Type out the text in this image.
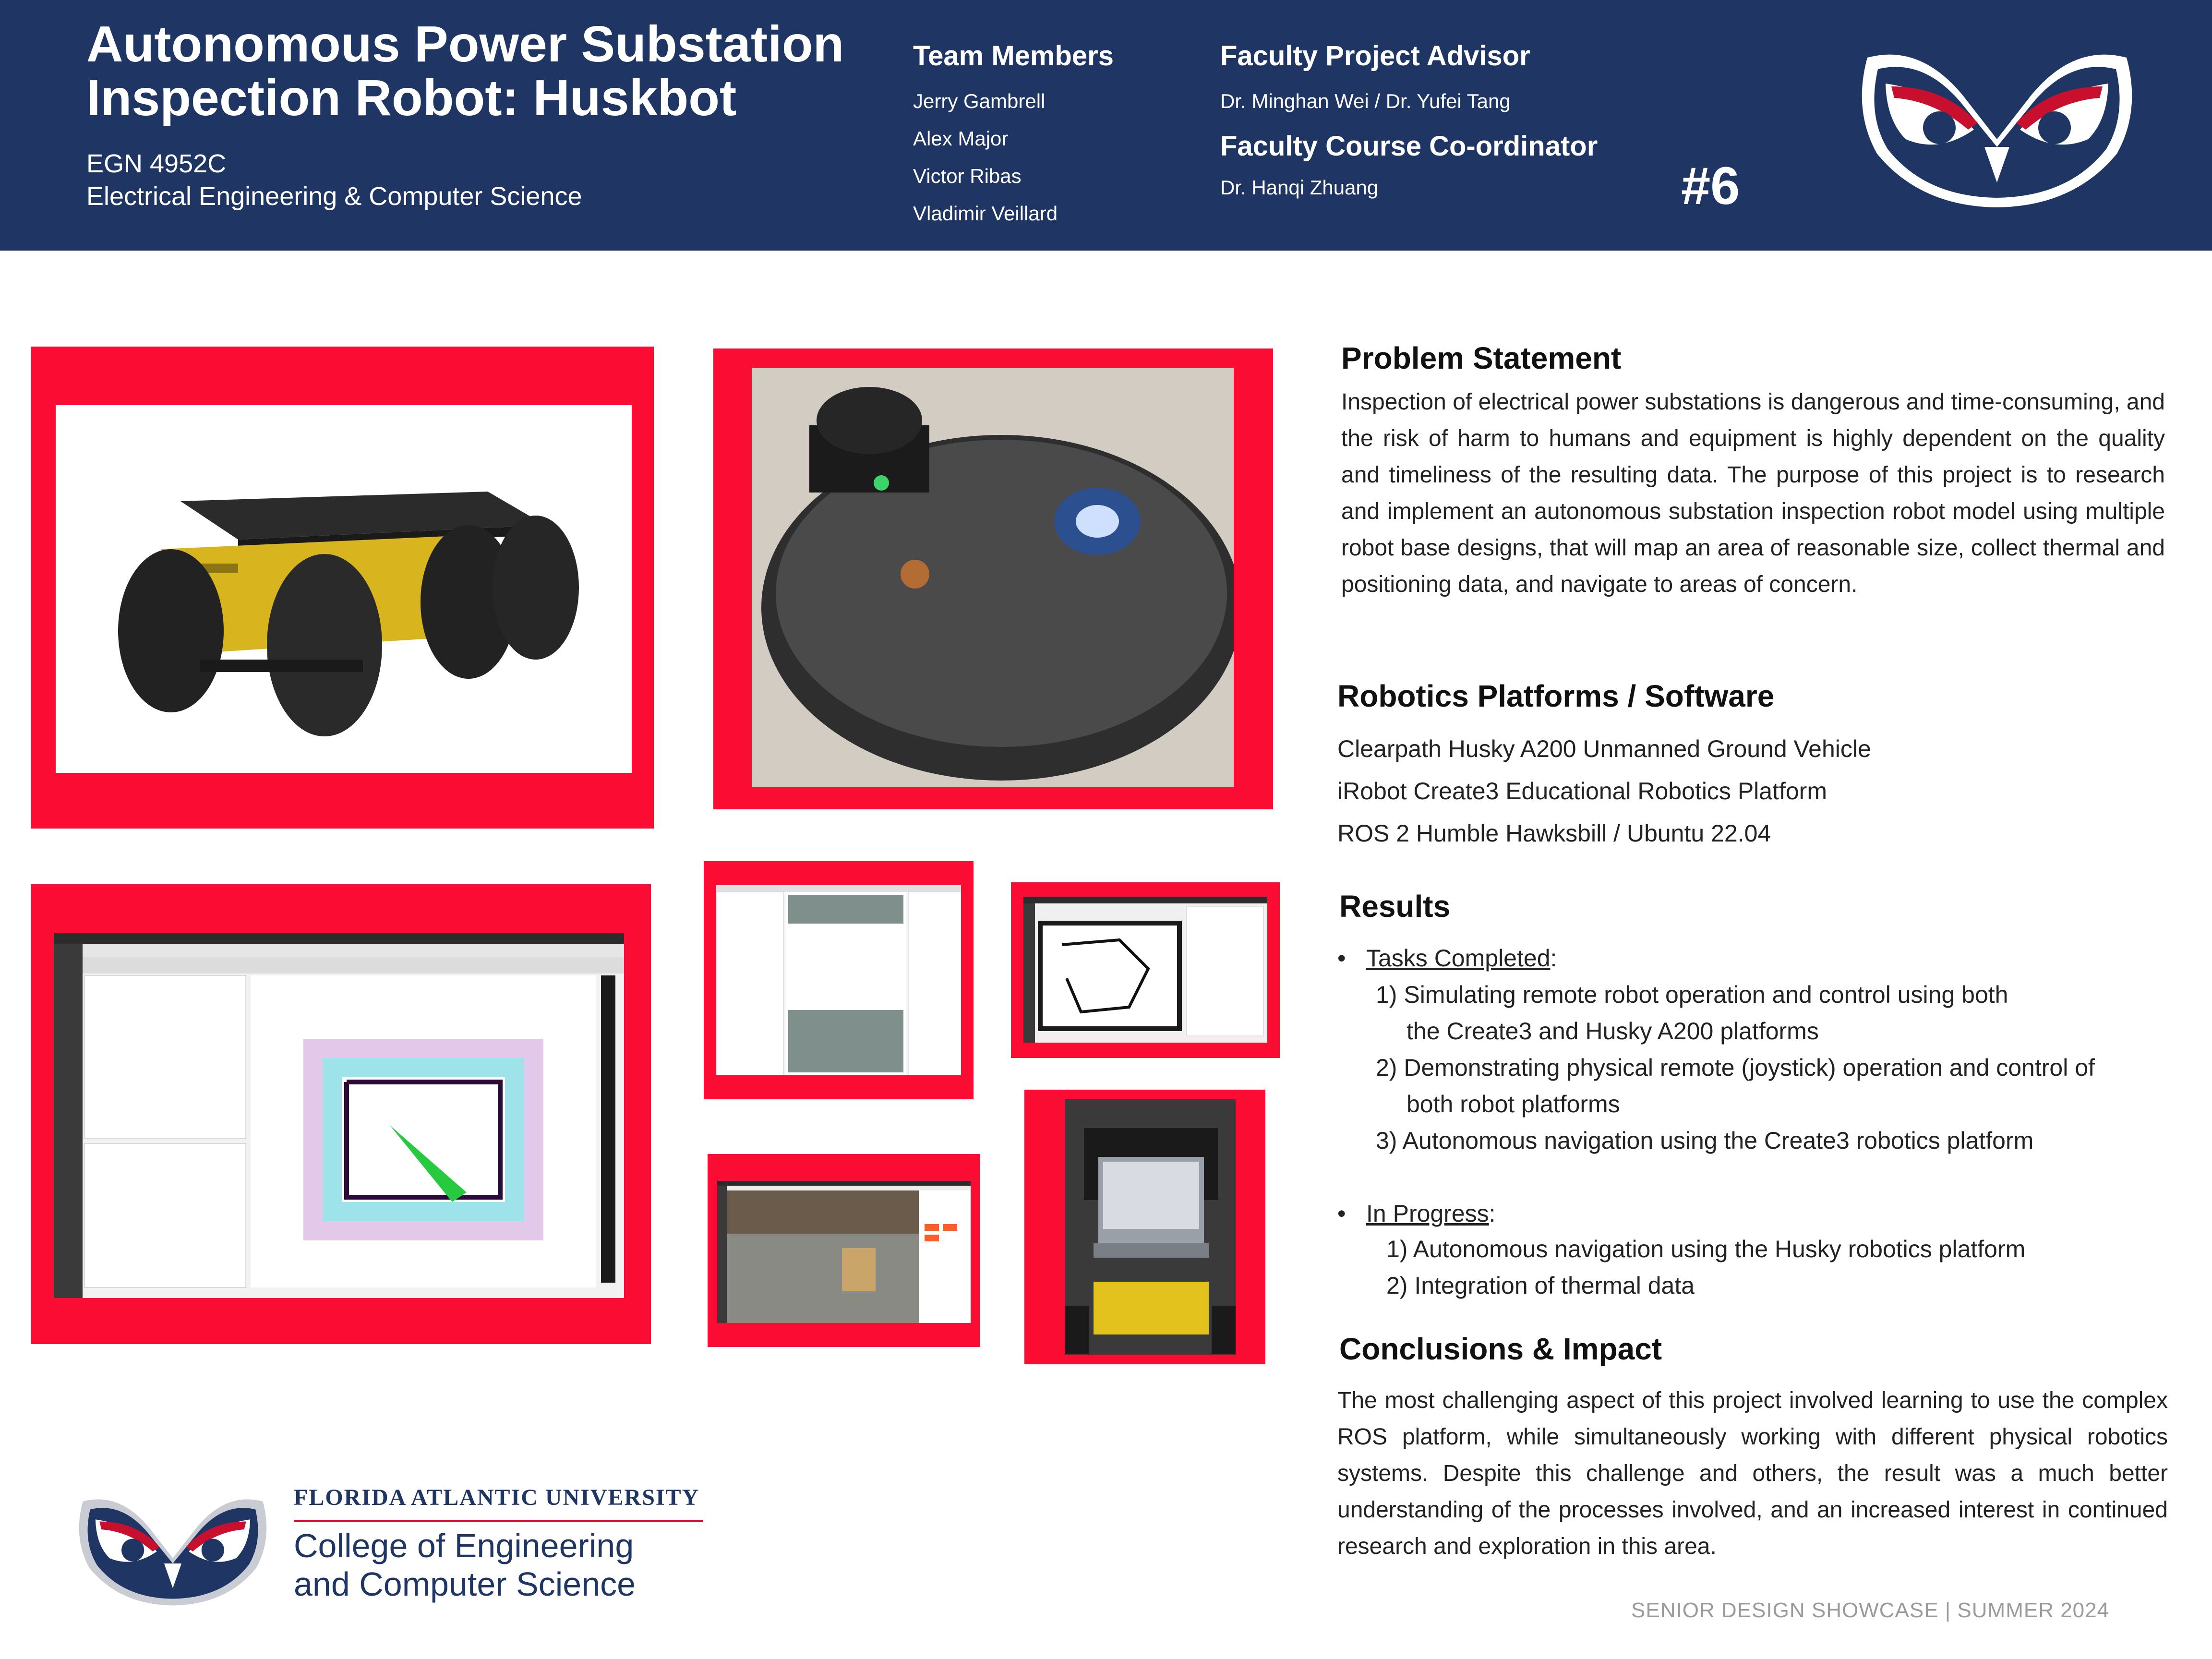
Autonomous Power Substation
Inspection Robot: Huskbot
EGN 4952C
Electrical Engineering & Computer Science
Team Members
Jerry Gambrell
Alex Major
Victor Ribas
Vladimir Veillard
Faculty Project Advisor
Dr. Minghan Wei / Dr. Yufei Tang
Faculty Course Co-ordinator
Dr. Hanqi Zhuang	#6
Problem Statement

Inspection of electrical power substations is dangerous and time-consuming, and the risk of harm to humans and equipment is highly dependent on the quality and timeliness of the resulting data. The purpose of this project is to research and implement an autonomous substation inspection robot model using multiple robot base designs, that will map an area of reasonable size, collect thermal and positioning data, and navigate to areas of concern.

Robotics Platforms / Software
Clearpath Husky A200 Unmanned Ground Vehicle
iRobot Create3 Educational Robotics Platform
ROS 2 Humble Hawksbill / Ubuntu 22.04
Results
• Tasks Completed:
1) Simulating remote robot operation and control using both
the Create3 and Husky A200 platforms
2) Demonstrating physical remote (joystick) operation and control of
both robot platforms
3) Autonomous navigation using the Create3 robotics platform
• In Progress:
1) Autonomous navigation using the Husky robotics platform
2) Integration of thermal data
Conclusions & Impact

The most challenging aspect of this project involved learning to use the complex ROS platform, while simultaneously working with different physical robotics systems. Despite this challenge and others, the result was a much better understanding of the processes involved, and an increased interest in continued research and exploration in this area.

FLORIDA ATLANTIC UNIVERSITY
College of Engineering
and Computer Science
SENIOR DESIGN SHOWCASE | SUMMER 2024
